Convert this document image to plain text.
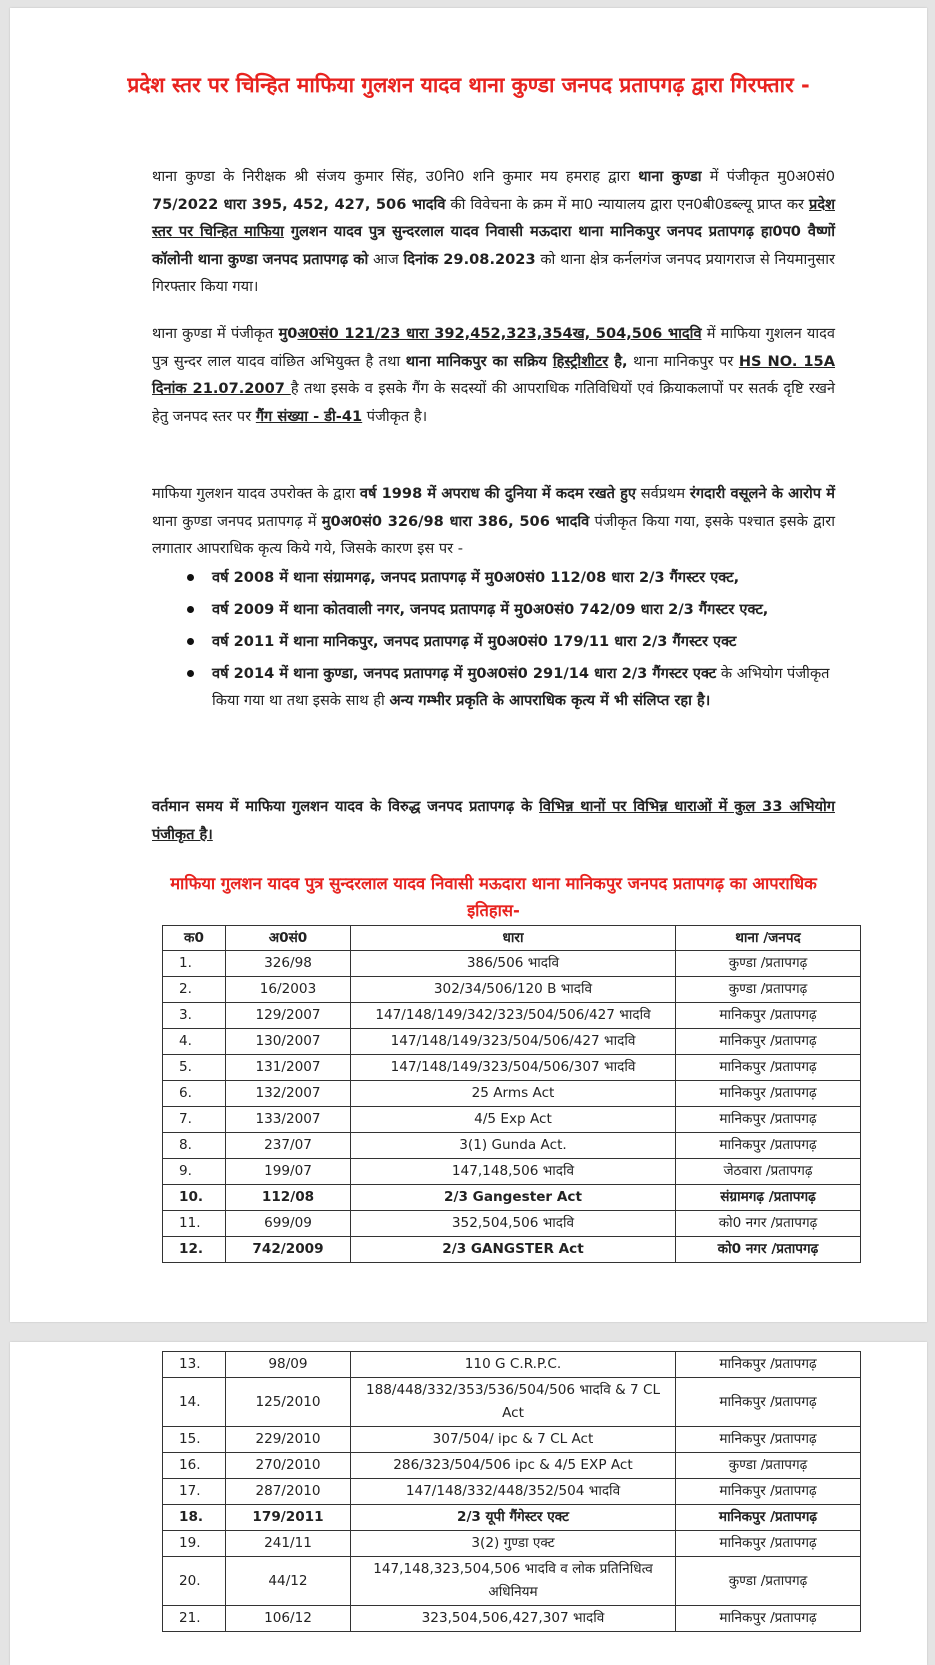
प्रदेश स्तर पर चिन्हित माफिया गुलशन यादव थाना कुण्डा जनपद प्रतापगढ़ द्वारा गिरफ्तार -

थाना कुण्डा के निरीक्षक श्री संजय कुमार सिंह, उ0नि0 शनि कुमार मय हमराह द्वारा थाना कुण्डा में पंजीकृत मु0अ0सं0 75/2022 धारा 395, 452, 427, 506 भादवि की विवेचना के क्रम में मा0 न्यायालय द्वारा एन0बी0डब्ल्यू प्राप्त कर प्रदेश स्तर पर चिन्हित माफिया गुलशन यादव पुत्र सुन्दरलाल यादव निवासी मऊदारा थाना मानिकपुर जनपद प्रतापगढ़ हा0प0 वैष्णों कॉलोनी थाना कुण्डा जनपद प्रतापगढ़ को आज दिनांक 29.08.2023 को थाना क्षेत्र कर्नलगंज जनपद प्रयागराज से नियमानुसार गिरफ्तार किया गया।

थाना कुण्डा में पंजीकृत मु0अ0सं0 121/23 धारा 392,452,323,354ख, 504,506 भादवि में माफिया गुशलन यादव पुत्र सुन्दर लाल यादव वांछित अभियुक्त है तथा थाना मानिकपुर का सक्रिय हिस्ट्रीशीटर है, थाना मानिकपुर पर HS NO. 15A दिनांक 21.07.2007 है तथा इसके व इसके गैंग के सदस्यों की आपराधिक गतिविधियों एवं क्रियाकलापों पर सतर्क दृष्टि रखने हेतु जनपद स्तर पर गैंग संख्या - डी-41 पंजीकृत है।

माफिया गुलशन यादव उपरोक्त के द्वारा वर्ष 1998 में अपराध की दुनिया में कदम रखते हुए सर्वप्रथम रंगदारी वसूलने के आरोप में थाना कुण्डा जनपद प्रतापगढ़ में मु0अ0सं0 326/98 धारा 386, 506 भादवि पंजीकृत किया गया, इसके पश्चात इसके द्वारा लगातार आपराधिक कृत्य किये गये, जिसके कारण इस पर -

वर्ष 2008 में थाना संग्रामगढ़, जनपद प्रतापगढ़ में मु0अ0सं0 112/08 धारा 2/3 गैंगस्टर एक्ट,
वर्ष 2009 में थाना कोतवाली नगर, जनपद प्रतापगढ़ में मु0अ0सं0 742/09 धारा 2/3 गैंगस्टर एक्ट,
वर्ष 2011 में थाना मानिकपुर, जनपद प्रतापगढ़ में मु0अ0सं0 179/11 धारा 2/3 गैंगस्टर एक्ट
वर्ष 2014 में थाना कुण्डा, जनपद प्रतापगढ़ में मु0अ0सं0 291/14 धारा 2/3 गैंगस्टर एक्ट के अभियोग पंजीकृत किया गया था तथा इसके साथ ही अन्य गम्भीर प्रकृति के आपराधिक कृत्य में भी संलिप्त रहा है।

वर्तमान समय में माफिया गुलशन यादव के विरुद्ध जनपद प्रतापगढ़ के विभिन्न थानों पर विभिन्न धाराओं में कुल 33 अभियोग पंजीकृत है।

माफिया गुलशन यादव पुत्र सुन्दरलाल यादव निवासी मऊदारा थाना मानिकपुर जनपद प्रतापगढ़ का आपराधिक इतिहास-
क0	अ0सं0	धारा	थाना /जनपद
1.	326/98	386/506 भादवि	कुण्डा /प्रतापगढ़
2.	16/2003	302/34/506/120 B भादवि	कुण्डा /प्रतापगढ़
3.	129/2007	147/148/149/342/323/504/506/427 भादवि	मानिकपुर /प्रतापगढ़
4.	130/2007	147/148/149/323/504/506/427 भादवि	मानिकपुर /प्रतापगढ़
5.	131/2007	147/148/149/323/504/506/307 भादवि	मानिकपुर /प्रतापगढ़
6.	132/2007	25 Arms Act	मानिकपुर /प्रतापगढ़
7.	133/2007	4/5 Exp Act	मानिकपुर /प्रतापगढ़
8.	237/07	3(1) Gunda Act.	मानिकपुर /प्रतापगढ़
9.	199/07	147,148,506 भादवि	जेठवारा /प्रतापगढ़
10.	112/08	2/3 Gangester Act	संग्रामगढ़ /प्रतापगढ़
11.	699/09	352,504,506 भादवि	को0 नगर /प्रतापगढ़
12.	742/2009	2/3 GANGSTER Act	को0 नगर /प्रतापगढ़
13.	98/09	110 G C.R.P.C.	मानिकपुर /प्रतापगढ़
14.	125/2010	188/448/332/353/536/504/506 भादवि & 7 CL Act	मानिकपुर /प्रतापगढ़
15.	229/2010	307/504/ ipc & 7 CL Act	मानिकपुर /प्रतापगढ़
16.	270/2010	286/323/504/506 ipc & 4/5 EXP Act	कुण्डा /प्रतापगढ़
17.	287/2010	147/148/332/448/352/504 भादवि	मानिकपुर /प्रतापगढ़
18.	179/2011	2/3 यूपी गैंगेस्टर एक्ट	मानिकपुर /प्रतापगढ़
19.	241/11	3(2) गुण्डा एक्ट	मानिकपुर /प्रतापगढ़
20.	44/12	147,148,323,504,506 भादवि व लोक प्रतिनिधित्व अधिनियम	कुण्डा /प्रतापगढ़
21.	106/12	323,504,506,427,307 भादवि	मानिकपुर /प्रतापगढ़
